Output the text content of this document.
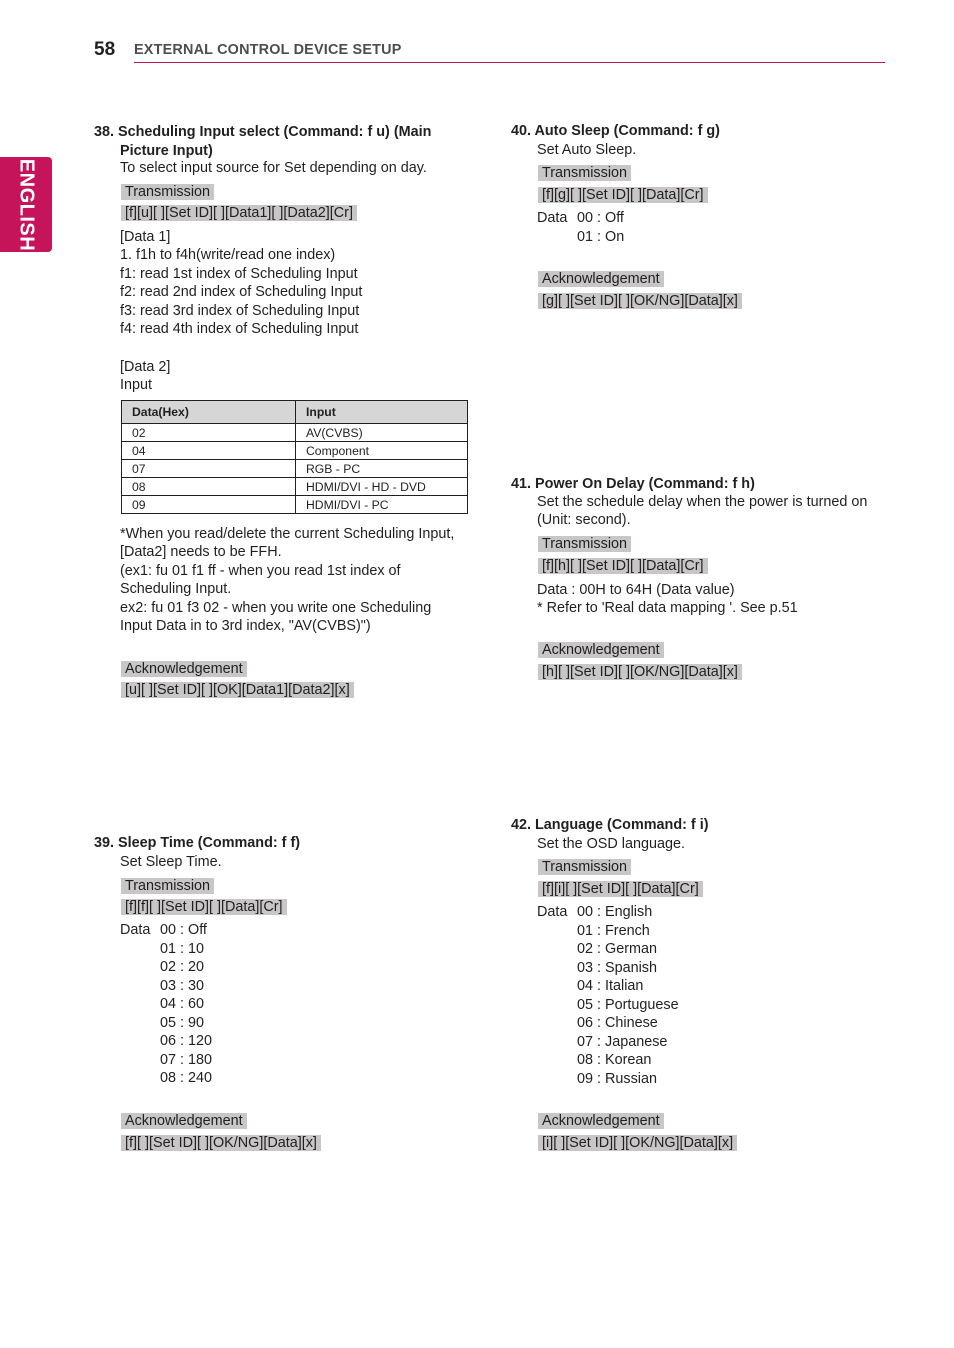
58 EXTERNAL CONTROL DEVICE SETUP
ENGLISH
38. Scheduling Input select (Command: f u) (Main
Picture Input)
To select input source for Set depending on day.
Transmission
[f][u][ ][Set ID][ ][Data1][ ][Data2][Cr]
[Data 1]
1. f1h to f4h(write/read one index)
f1: read 1st index of Scheduling Input
f2: read 2nd index of Scheduling Input
f3: read 3rd index of Scheduling Input
f4: read 4th index of Scheduling Input
[Data 2]
Input
Data(Hex)	Input
02	AV(CVBS)
04	Component
07	RGB - PC
08	HDMI/DVI - HD - DVD
09	HDMI/DVI - PC
*When you read/delete the current Scheduling Input,
[Data2] needs to be FFH.
(ex1: fu 01 f1 ff - when you read 1st index of
Scheduling Input.
ex2: fu 01 f3 02 - when you write one Scheduling
Input Data in to 3rd index, "AV(CVBS)")
Acknowledgement
[u][ ][Set ID][ ][OK][Data1][Data2][x]
39. Sleep Time (Command: f f)
Set Sleep Time.
Transmission
[f][f][ ][Set ID][ ][Data][Cr]
Data 00 : Off
01 : 10
02 : 20
03 : 30
04 : 60
05 : 90
06 : 120
07 : 180
08 : 240
Acknowledgement
[f][ ][Set ID][ ][OK/NG][Data][x]
40. Auto Sleep (Command: f g)
Set Auto Sleep.
Transmission
[f][g][ ][Set ID][ ][Data][Cr]
Data 00 : Off
01 : On
Acknowledgement
[g][ ][Set ID][ ][OK/NG][Data][x]
41. Power On Delay (Command: f h)
Set the schedule delay when the power is turned on
(Unit: second).
Transmission
[f][h][ ][Set ID][ ][Data][Cr]
Data : 00H to 64H (Data value)
* Refer to 'Real data mapping '. See p.51
Acknowledgement
[h][ ][Set ID][ ][OK/NG][Data][x]
42. Language (Command: f i)
Set the OSD language.
Transmission
[f][i][ ][Set ID][ ][Data][Cr]
Data 00 : English
01 : French
02 : German
03 : Spanish
04 : Italian
05 : Portuguese
06 : Chinese
07 : Japanese
08 : Korean
09 : Russian
Acknowledgement
[i][ ][Set ID][ ][OK/NG][Data][x]
